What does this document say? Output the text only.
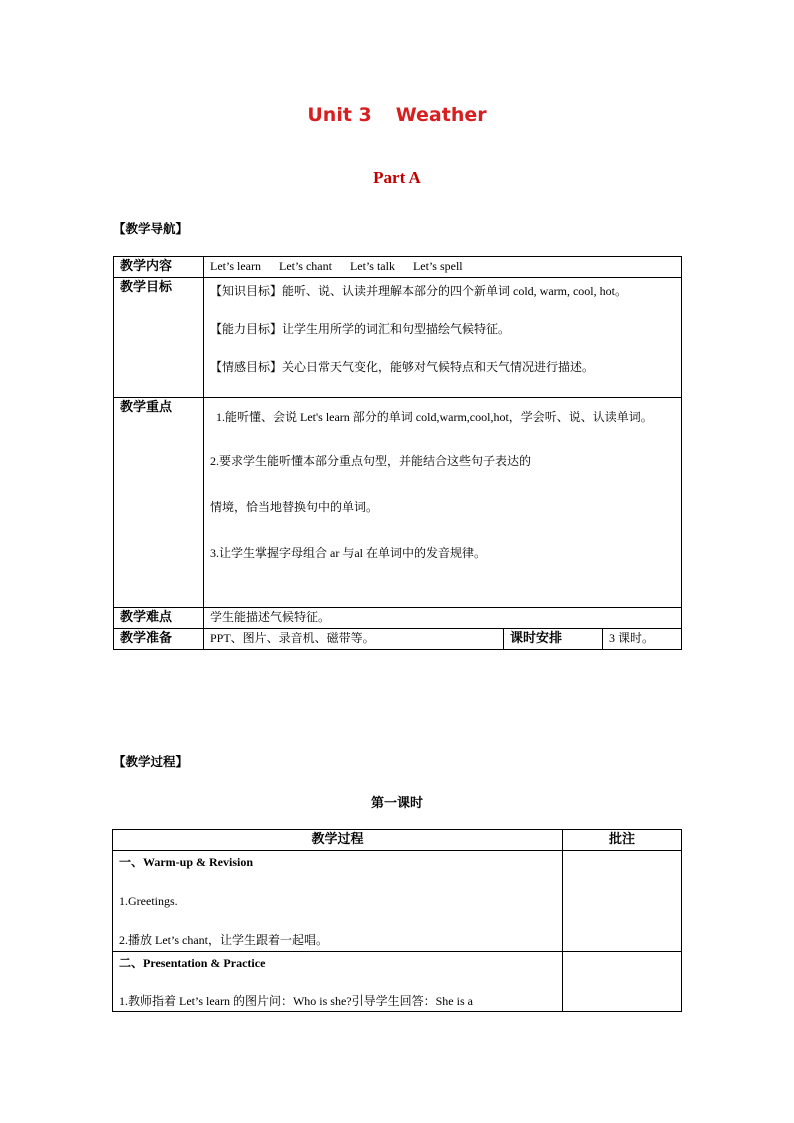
Unit 3 Weather
Part A
【教学导航】
教学内容	Let’s learn Let’s chant Let’s talk Let’s spell		
教学目标	【知识目标】能听、说、认读并理解本部分的四个新单词 cold, warm, cool, hot。

【能力目标】让学生用所学的词汇和句型描绘气候特征。

【情感目标】关心日常天气变化，能够对气候特点和天气情况进行描述。		

教学重点	1.能听懂、会说 Let's learn 部分的单词 cold,warm,cool,hot，学会听、说、认读单词。

2.要求学生能听懂本部分重点句型，并能结合这些句子表达的

情境，恰当地替换句中的单词。

3.让学生掌握字母组合 ar 与al 在单词中的发音规律。		

教学难点	学生能描述气候特征。		
教学准备	PPT、图片、录音机、磁带等。	课时安排	3 课时。
【教学过程】
第一课时
教学过程	批注

一、Warm-up & Revision

1.Greetings.

2.播放 Let’s chant，让学生跟着一起唱。	

二、Presentation & Practice

1.教师指着 Let’s learn 的图片问：Who is she?引导学生回答：She is a	
